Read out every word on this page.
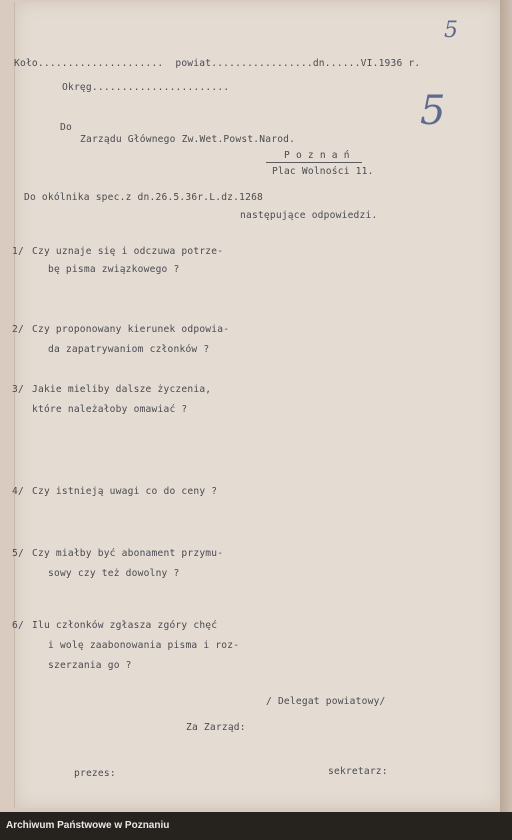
5
5
Koło.....................  powiat.................dn......VI.1936 r.
Okręg.......................
Do
Zarządu Głównego Zw.Wet.Powst.Narod.
P o z n a ń
Plac Wolności 11.
Do okólnika spec.z dn.26.5.36r.L.dz.1268
następujące odpowiedzi.
1/ Czy uznaje się i odczuwa potrze-
bę pisma związkowego ?
2/ Czy proponowany kierunek odpowia-
da zapatrywaniom członków ?
3/ Jakie mieliby dalsze życzenia,
które należałoby omawiać ?
4/ Czy istnieją uwagi co do ceny ?
5/ Czy miałby być abonament przymu-
sowy czy też dowolny ?
6/ Ilu członków zgłasza zgóry chęć
i wolę zaabonowania pisma i roz-
szerzania go ?
/ Delegat powiatowy/
Za Zarząd:
prezes:	sekretarz:
Archiwum Państwowe w Poznaniu
